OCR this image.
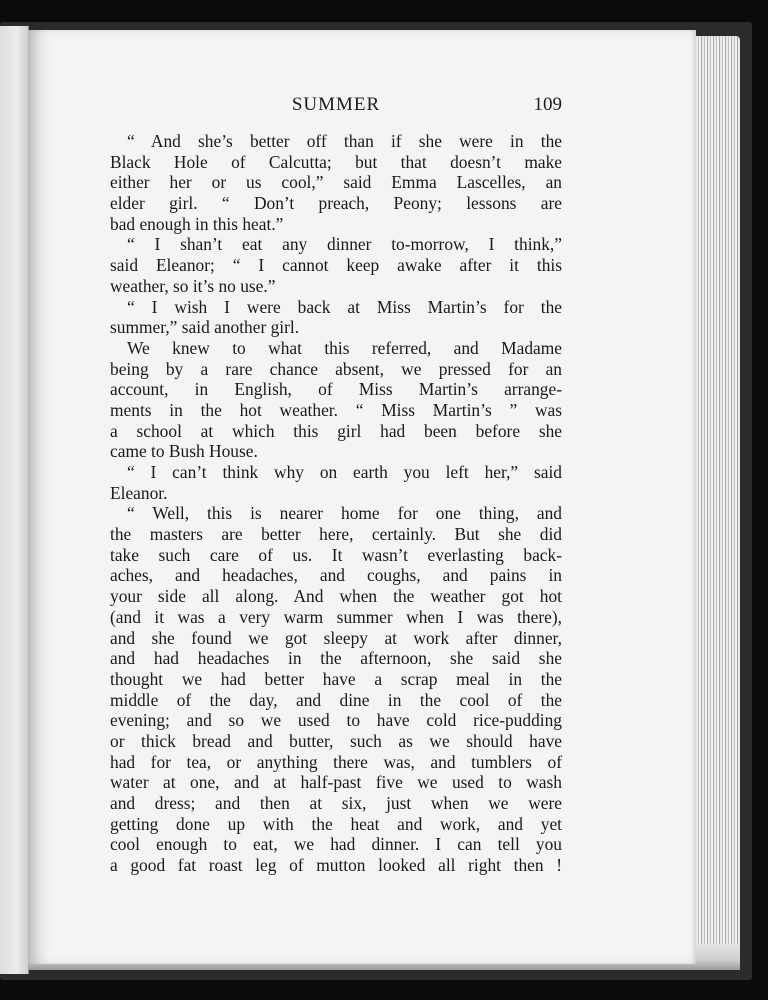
SUMMER	109
“ And she’s better off than if she were in the
Black Hole of Calcutta; but that doesn’t make
either her or us cool,” said Emma Lascelles, an
elder girl. “ Don’t preach, Peony; lessons are
bad enough in this heat.”
“ I shan’t eat any dinner to-morrow, I think,”
said Eleanor; “ I cannot keep awake after it this
weather, so it’s no use.”
“ I wish I were back at Miss Martin’s for the
summer,” said another girl.
We knew to what this referred, and Madame
being by a rare chance absent, we pressed for an
account, in English, of Miss Martin’s arrange-
ments in the hot weather. “ Miss Martin’s ” was
a school at which this girl had been before she
came to Bush House.
“ I can’t think why on earth you left her,” said
Eleanor.
“ Well, this is nearer home for one thing, and
the masters are better here, certainly. But she did
take such care of us. It wasn’t everlasting back-
aches, and headaches, and coughs, and pains in
your side all along. And when the weather got hot
(and it was a very warm summer when I was there),
and she found we got sleepy at work after dinner,
and had headaches in the afternoon, she said she
thought we had better have a scrap meal in the
middle of the day, and dine in the cool of the
evening; and so we used to have cold rice-pudding
or thick bread and butter, such as we should have
had for tea, or anything there was, and tumblers of
water at one, and at half-past five we used to wash
and dress; and then at six, just when we were
getting done up with the heat and work, and yet
cool enough to eat, we had dinner. I can tell you
a good fat roast leg of mutton looked all right then !
